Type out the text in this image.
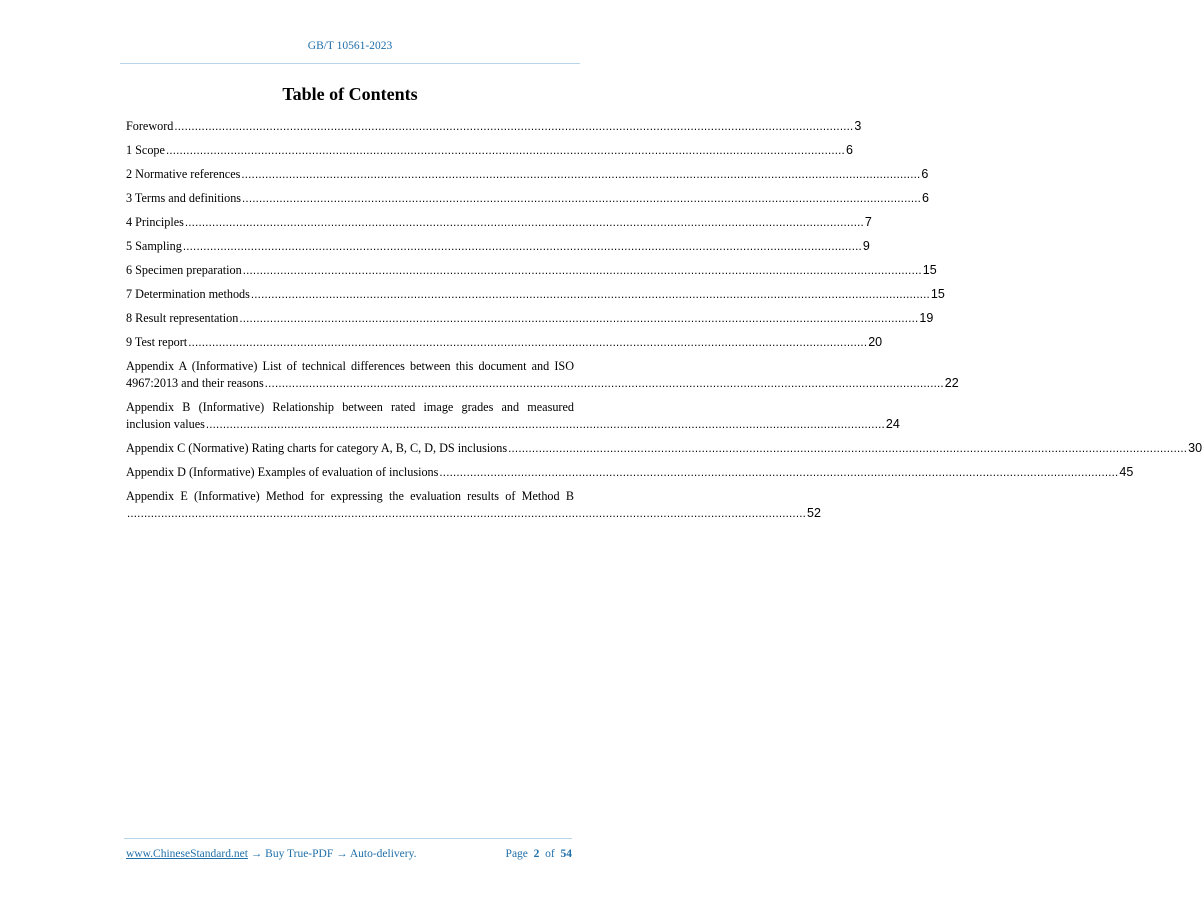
GB/T 10561-2023
Table of Contents
Foreword ........................................................................................................................................................................................................ 3
1 Scope ........................................................................................................................................................................................................ 6
2 Normative references ........................................................................................................................................................................................................ 6
3 Terms and definitions ........................................................................................................................................................................................................ 6
4 Principles ........................................................................................................................................................................................................ 7
5 Sampling ........................................................................................................................................................................................................ 9
6 Specimen preparation ........................................................................................................................................................................................................ 15
7 Determination methods ........................................................................................................................................................................................................ 15
8 Result representation ........................................................................................................................................................................................................ 19
9 Test report ........................................................................................................................................................................................................ 20
Appendix A (Informative) List of technical differences between this document and ISO
4967:2013 and their reasons ........................................................................................................................................................................................................ 22
Appendix B (Informative) Relationship between rated image grades and measured
inclusion values ........................................................................................................................................................................................................ 24
Appendix C (Normative) Rating charts for category A, B, C, D, DS inclusions ........................................................................................................................................................................................................ 30
Appendix D (Informative) Examples of evaluation of inclusions ........................................................................................................................................................................................................ 45
Appendix E (Informative) Method for expressing the evaluation results of Method B
........................................................................................................................................................................................................ 52
www.ChineseStandard.net → Buy True-PDF → Auto-delivery.	Page 2 of 54
